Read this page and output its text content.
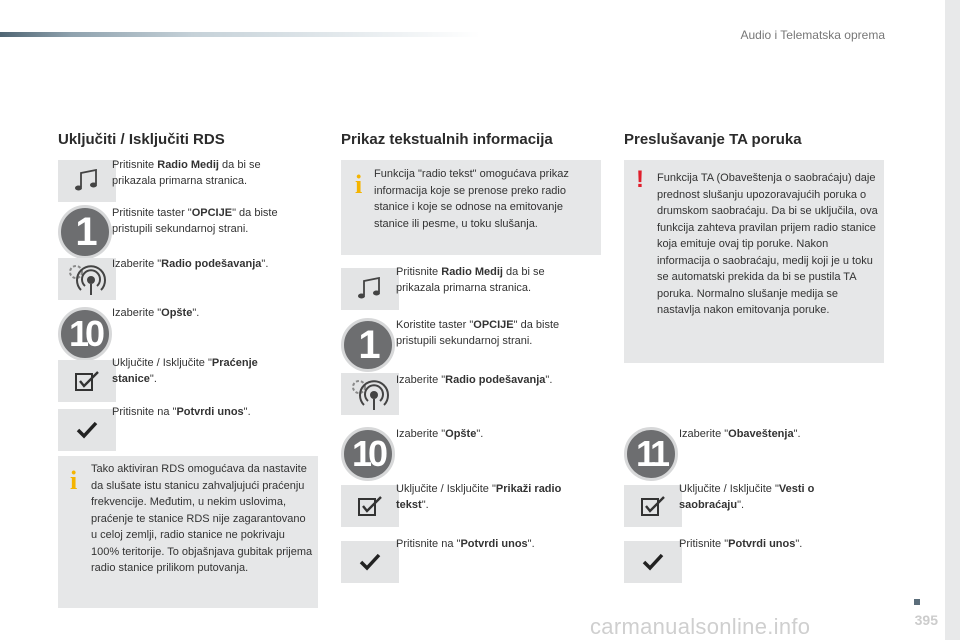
Audio i Telematska oprema
395
carmanualsonline.info
Uključiti / Isključiti RDS
Pritisnite Radio Medij da bi se prikazala primarna stranica.
1	Pritisnite taster "OPCIJE" da biste pristupili sekundarnoj strani.
Izaberite "Radio podešavanja".
10 Izaberite "Opšte".
Uključite / Isključite "Praćenje stanice".
Pritisnite na "Potvrdi unos".
i Tako aktiviran RDS omogućava da nastavite da slušate istu stanicu zahvaljujući praćenju frekvencije. Međutim, u nekim uslovima, praćenje te stanice RDS nije zagarantovano u celoj zemlji, radio stanice ne pokrivaju 100% teritorije. To objašnjava gubitak prijema radio stanice prilikom putovanja.
Prikaz tekstualnih informacija
i Funkcija "radio tekst" omogućava prikaz informacija koje se prenose preko radio stanice i koje se odnose na emitovanje stanice ili pesme, u toku slušanja.
Pritisnite Radio Medij da bi se prikazala primarna stranica.
1	Koristite taster "OPCIJE" da biste pristupili sekundarnoj strani.
Izaberite "Radio podešavanja".
10	Izaberite "Opšte".
Uključite / Isključite "Prikaži radio tekst".
Pritisnite na "Potvrdi unos".
Preslušavanje TA poruka
! Funkcija TA (Obaveštenja o saobraćaju) daje prednost slušanju upozoravajućih poruka o drumskom saobraćaju. Da bi se uključila, ova funkcija zahteva pravilan prijem radio stanice koja emituje ovaj tip poruke. Nakon informacija o saobraćaju, medij koji je u toku se automatski prekida da bi se pustila TA poruka. Normalno slušanje medija se nastavlja nakon emitovanja poruke.
11	Izaberite "Obaveštenja".
Uključite / Isključite "Vesti o saobraćaju".
Pritisnite "Potvrdi unos".
